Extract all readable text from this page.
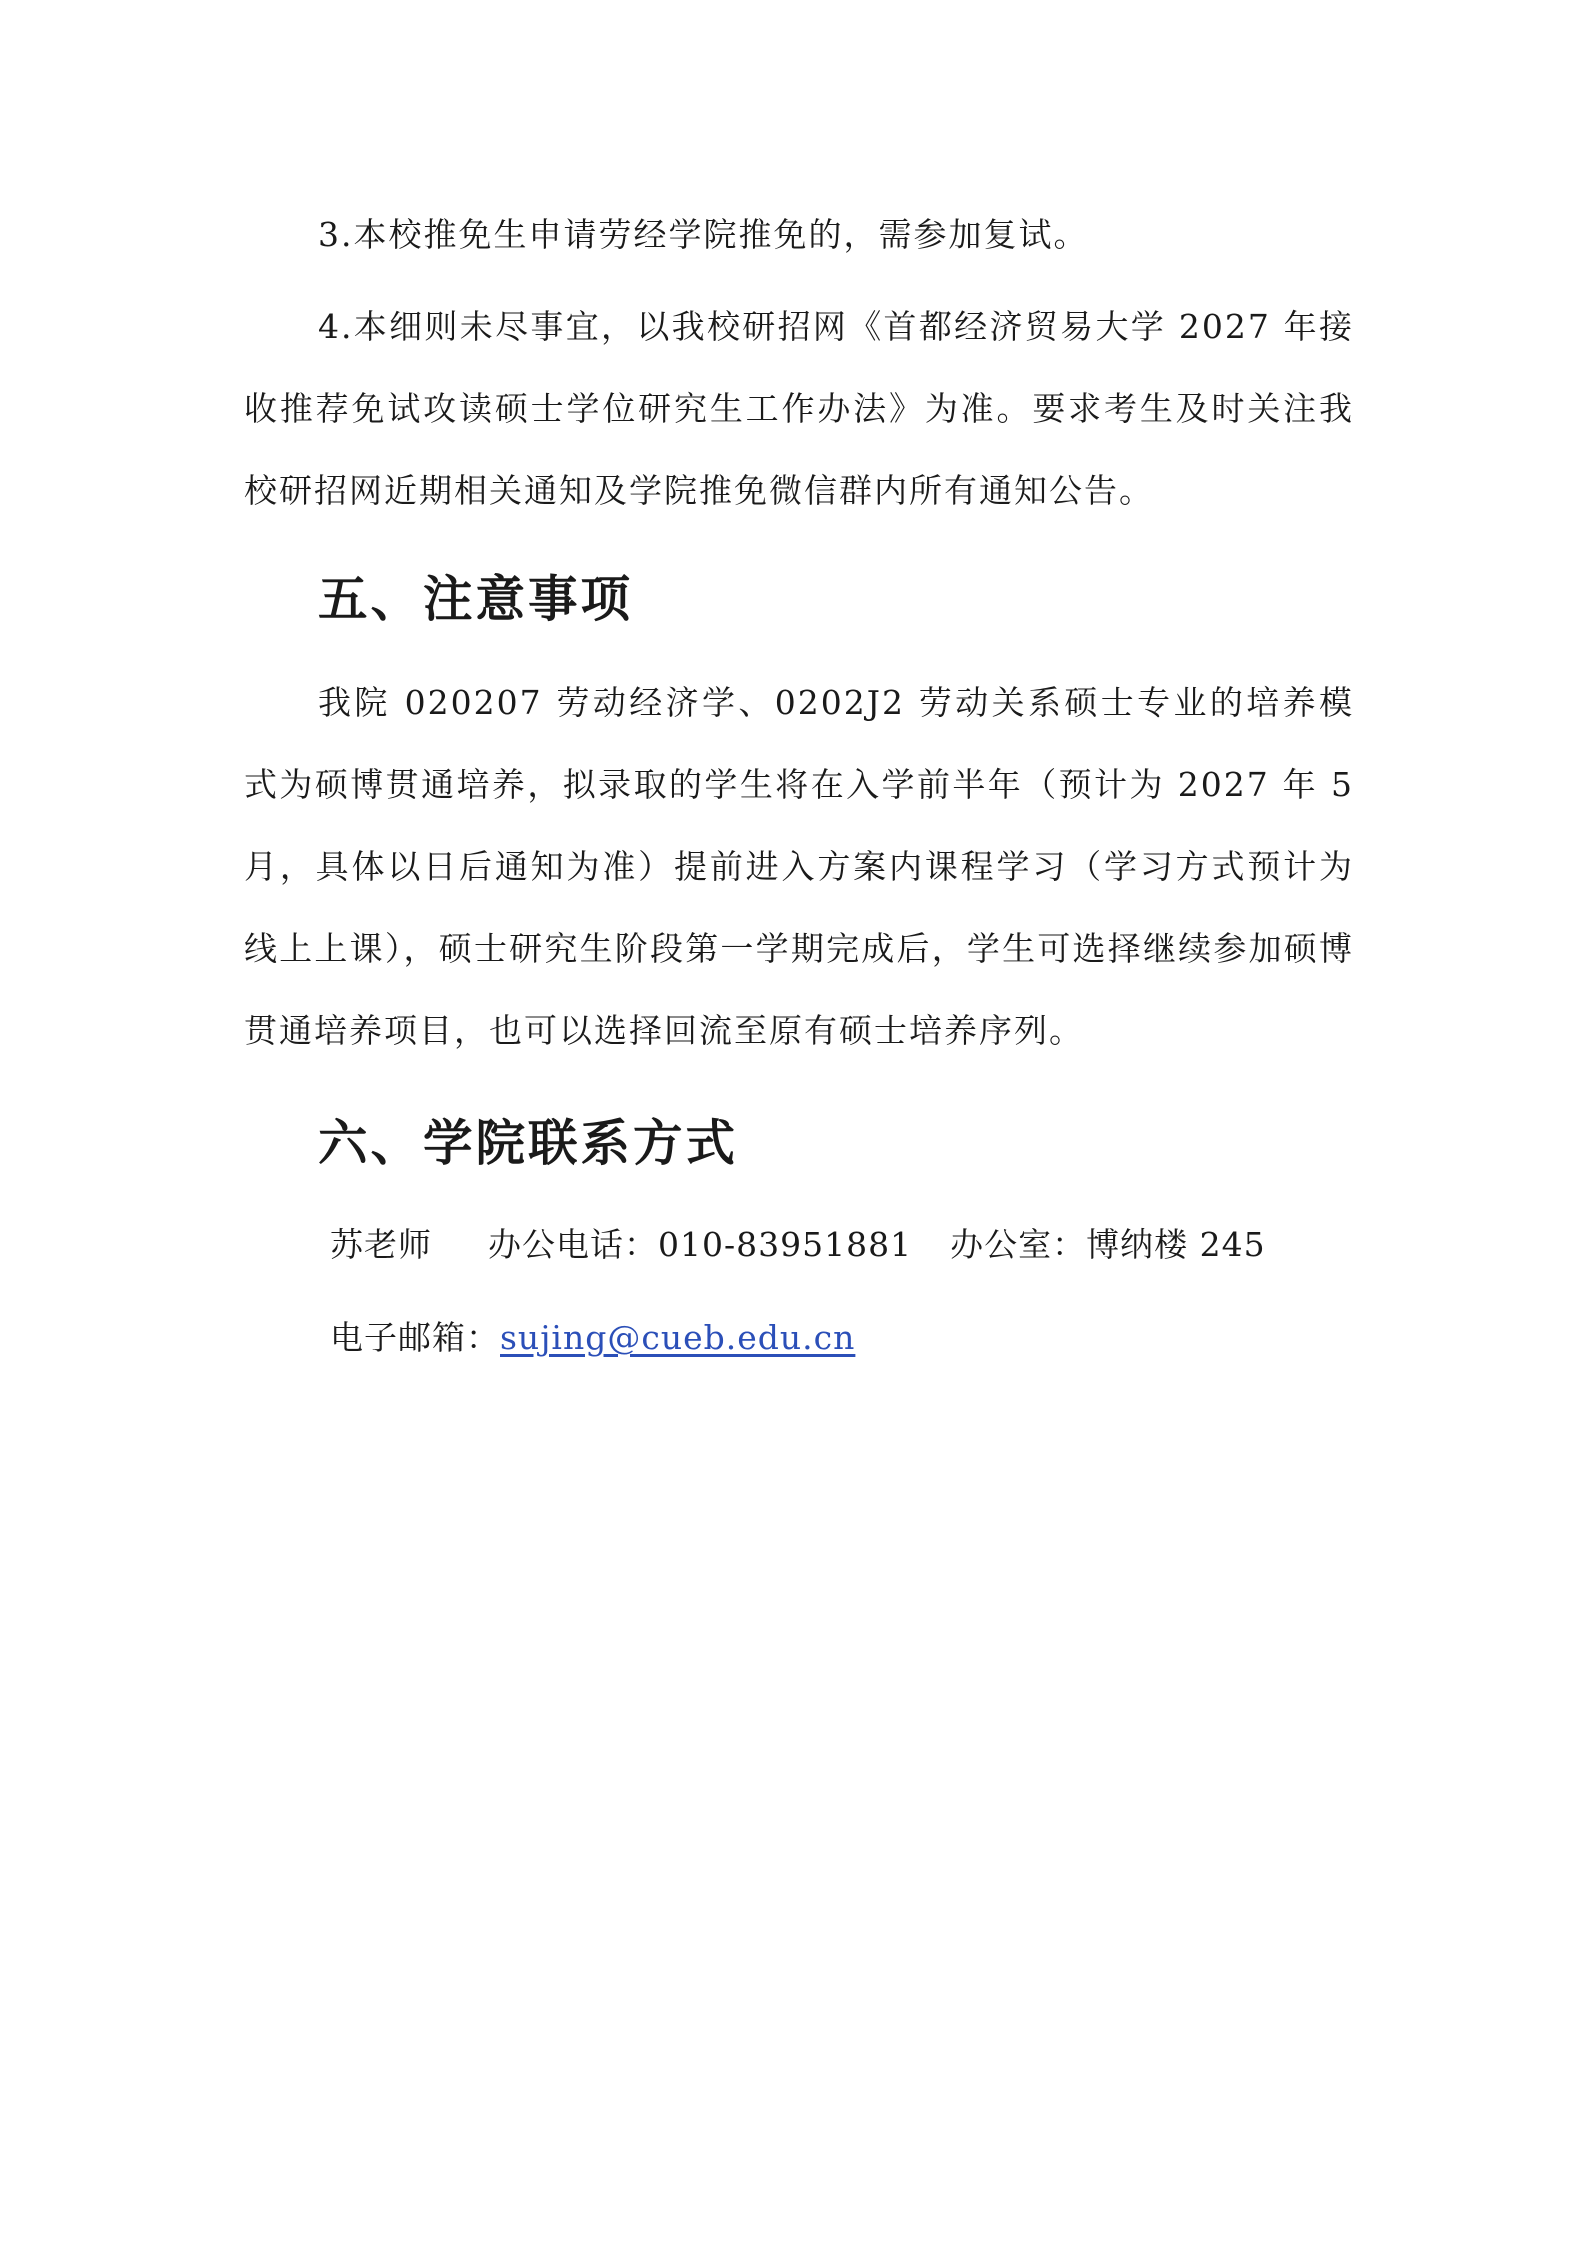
3.本校推免生申请劳经学院推免的，需参加复试。

4.本细则未尽事宜，以我校研招网《首都经济贸易大学 2027 年接收推荐免试攻读硕士学位研究生工作办法》为准。要求考生及时关注我校研招网近期相关通知及学院推免微信群内所有通知公告。

五、注意事项

我院 020207 劳动经济学、0202J2 劳动关系硕士专业的培养模式为硕博贯通培养，拟录取的学生将在入学前半年（预计为 2027 年 5 月，具体以日后通知为准）提前进入方案内课程学习（学习方式预计为线上上课），硕士研究生阶段第一学期完成后，学生可选择继续参加硕博贯通培养项目，也可以选择回流至原有硕士培养序列。

六、学院联系方式
苏老师 办公电话：010-83951881 办公室：博纳楼 245
电子邮箱：sujing@cueb.edu.cn
